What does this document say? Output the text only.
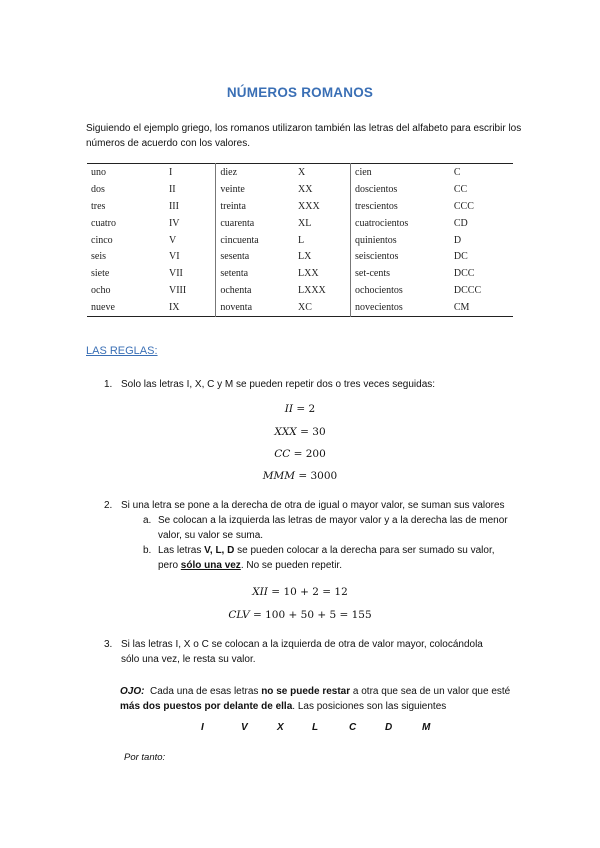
NÚMEROS ROMANOS
Siguiendo el ejemplo griego, los romanos utilizaron también las letras del alfabeto para escribir los números de acuerdo con los valores.
uno	I	diez	X	cien	C
dos	II	veinte	XX	doscientos	CC
tres	III	treinta	XXX	trescientos	CCC
cuatro	IV	cuarenta	XL	cuatrocientos	CD
cinco	V	cincuenta	L	quinientos	D
seis	VI	sesenta	LX	seiscientos	DC
siete	VII	setenta	LXX	set-cents	DCC
ocho	VIII	ochenta	LXXX	ochocientos	DCCC
nueve	IX	noventa	XC	novecientos	CM
LAS REGLAS:
1. Solo las letras I, X, C y M se pueden repetir dos o tres veces seguidas:
II = 2
XXX = 30
CC = 200
MMM = 3000
2. Si una letra se pone a la derecha de otra de igual o mayor valor, se suman sus valores
a. Se colocan a la izquierda las letras de mayor valor y a la derecha las de menor valor, su valor se suma.
b. Las letras V, L, D se pueden colocar a la derecha para ser sumado su valor, pero sólo una vez. No se pueden repetir.
XII = 10 + 2 = 12
CLV = 100 + 50 + 5 = 155
3. Si las letras I, X o C se colocan a la izquierda de otra de valor mayor, colocándola sólo una vez, le resta su valor.
OJO:  Cada una de esas letras no se puede restar a otra que sea de un valor que esté más dos puestos por delante de ella. Las posiciones son las siguientes
I	V	X	L	C	D	M
Por tanto:
